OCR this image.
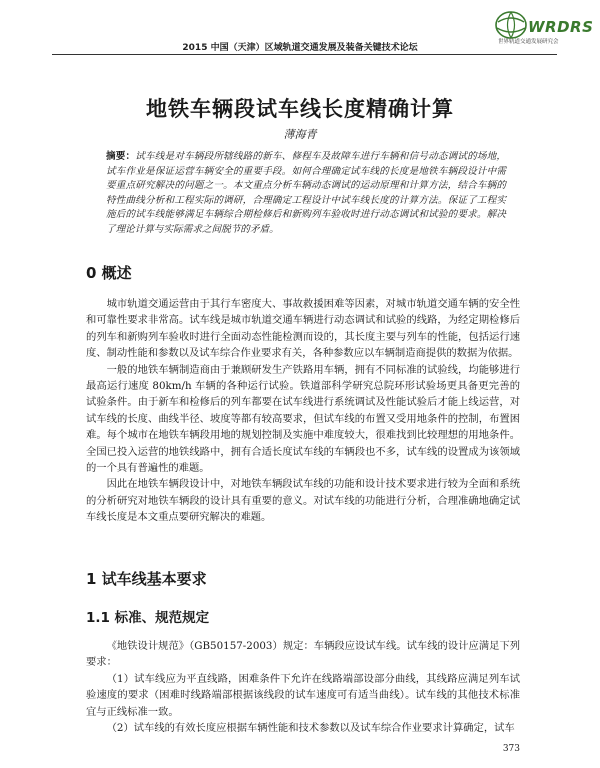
WRDRS
世界轨道交通发展研究会
2015 中国（天津）区域轨道交通发展及装备关键技术论坛
地铁车辆段试车线长度精确计算
薄海青
摘要：试车线是对车辆段所辖线路的新车、修程车及故障车进行车辆和信号动态调试的场地，试车作业是保证运营车辆安全的重要手段。如何合理确定试车线的长度是地铁车辆段设计中需要重点研究解决的问题之一。本文重点分析车辆动态调试的运动原理和计算方法，结合车辆的特性曲线分析和工程实际的调研，合理确定工程设计中试车线长度的计算方法。保证了工程实施后的试车线能够满足车辆综合期检修后和新购列车验收时进行动态调试和试验的要求。解决了理论计算与实际需求之间脱节的矛盾。
0 概述

城市轨道交通运营由于其行车密度大、事故救援困难等因素，对城市轨道交通车辆的安全性和可靠性要求非常高。试车线是城市轨道交通车辆进行动态调试和试验的线路，为经定期检修后的列车和新购列车验收时进行全面动态性能检测而设的，其长度主要与列车的性能，包括运行速度、制动性能和参数以及试车综合作业要求有关，各种参数应以车辆制造商提供的数据为依据。

一般的地铁车辆制造商由于兼顾研发生产铁路用车辆，拥有不同标准的试验线，均能够进行最高运行速度 80km/h 车辆的各种运行试验。铁道部科学研究总院环形试验场更具备更完善的试验条件。由于新车和检修后的列车都要在试车线进行系统调试及性能试验后才能上线运营，对试车线的长度、曲线半径、坡度等都有较高要求，但试车线的布置又受用地条件的控制，布置困难。每个城市在地铁车辆段用地的规划控制及实施中难度较大，很难找到比较理想的用地条件。全国已投入运营的地铁线路中，拥有合适长度试车线的车辆段也不多，试车线的设置成为该领域的一个具有普遍性的难题。

因此在地铁车辆段设计中，对地铁车辆段试车线的功能和设计技术要求进行较为全面和系统的分析研究对地铁车辆段的设计具有重要的意义。对试车线的功能进行分析，合理准确地确定试车线长度是本文重点要研究解决的难题。

1 试车线基本要求
1.1 标准、规范规定

《地铁设计规范》（GB50157-2003）规定：车辆段应设试车线。试车线的设计应满足下列要求：

（1）试车线应为平直线路，困难条件下允许在线路端部设部分曲线，其线路应满足列车试验速度的要求（困难时线路端部根据该线段的试车速度可有适当曲线）。试车线的其他技术标准宜与正线标准一致。

（2）试车线的有效长度应根据车辆性能和技术参数以及试车综合作业要求计算确定，试车

373
